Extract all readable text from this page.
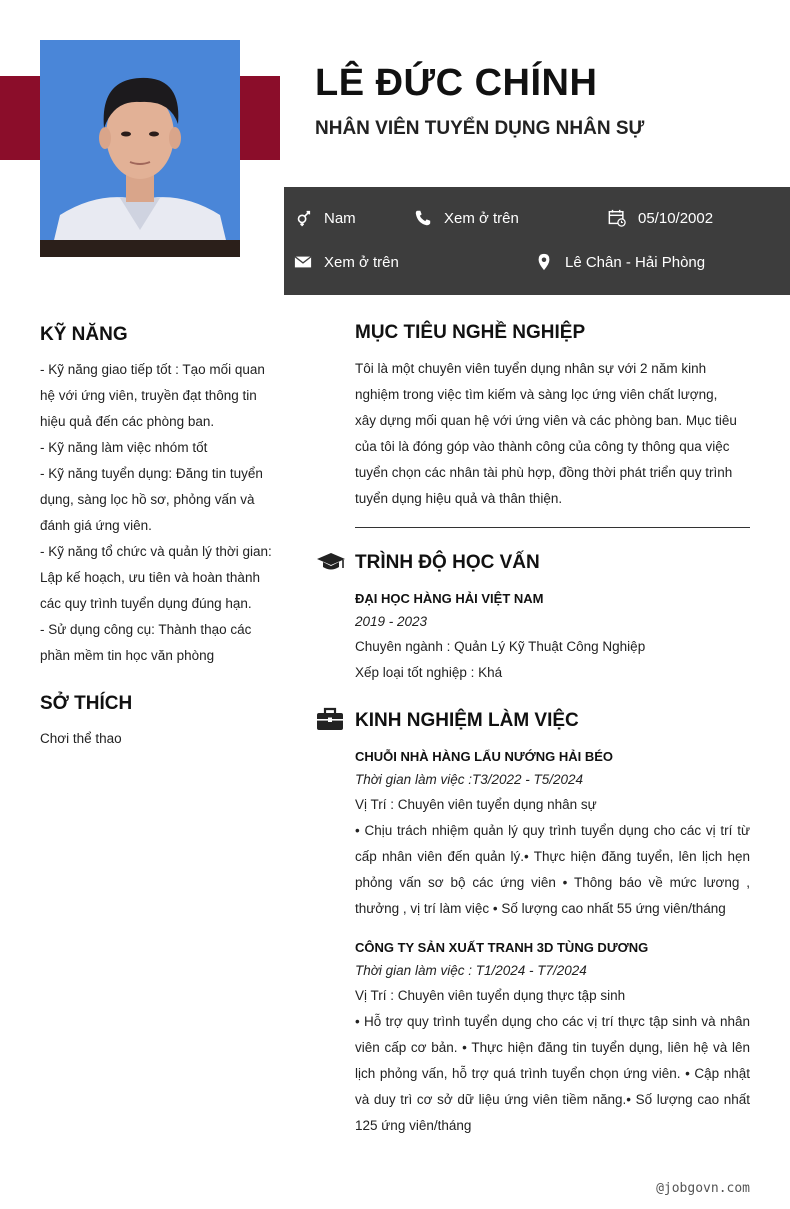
LÊ ĐỨC CHÍNH
NHÂN VIÊN TUYỂN DỤNG NHÂN SỰ
Nam	Xem ở trên	05/10/2002
Xem ở trên	Lê Chân - Hải Phòng
KỸ NĂNG
- Kỹ năng giao tiếp tốt : Tạo mối quan
hệ với ứng viên, truyền đạt thông tin
hiệu quả đến các phòng ban.
- Kỹ năng làm việc nhóm tốt
- Kỹ năng tuyển dụng: Đăng tin tuyển
dụng, sàng lọc hồ sơ, phỏng vấn và
đánh giá ứng viên.
- Kỹ năng tổ chức và quản lý thời gian:
Lập kế hoạch, ưu tiên và hoàn thành
các quy trình tuyển dụng đúng hạn.
- Sử dụng công cụ: Thành thạo các
phần mềm tin học văn phòng
SỞ THÍCH
Chơi thể thao
MỤC TIÊU NGHỀ NGHIỆP
Tôi là một chuyên viên tuyển dụng nhân sự với 2 năm kinh
nghiệm trong việc tìm kiếm và sàng lọc ứng viên chất lượng,
xây dựng mối quan hệ với ứng viên và các phòng ban. Mục tiêu
của tôi là đóng góp vào thành công của công ty thông qua việc
tuyển chọn các nhân tài phù hợp, đồng thời phát triển quy trình
tuyển dụng hiệu quả và thân thiện.
TRÌNH ĐỘ HỌC VẤN
ĐẠI HỌC HÀNG HẢI VIỆT NAM
2019 - 2023
Chuyên ngành : Quản Lý Kỹ Thuật Công Nghiệp
Xếp loại tốt nghiệp : Khá
KINH NGHIỆM LÀM VIỆC
CHUỖI NHÀ HÀNG LẨU NƯỚNG HẢI BÉO
Thời gian làm việc :T3/2022 - T5/2024
Vị Trí : Chuyên viên tuyển dụng nhân sự
• Chịu trách nhiệm quản lý quy trình tuyển dụng cho các vị trí từ cấp nhân viên đến quản lý.• Thực hiện đăng tuyển, lên lịch hẹn phỏng vấn sơ bộ các ứng viên • Thông báo về mức lương , thưởng , vị trí làm việc • Số lượng cao nhất 55 ứng viên/tháng
CÔNG TY SẢN XUẤT TRANH 3D TÙNG DƯƠNG
Thời gian làm việc : T1/2024 - T7/2024
Vị Trí : Chuyên viên tuyển dụng thực tập sinh
• Hỗ trợ quy trình tuyển dụng cho các vị trí thực tập sinh và nhân viên cấp cơ bản. • Thực hiện đăng tin tuyển dụng, liên hệ và lên lịch phỏng vấn, hỗ trợ quá trình tuyển chọn ứng viên. • Cập nhật và duy trì cơ sở dữ liệu ứng viên tiềm năng.• Số lượng cao nhất 125 ứng viên/tháng
@jobgovn.com
